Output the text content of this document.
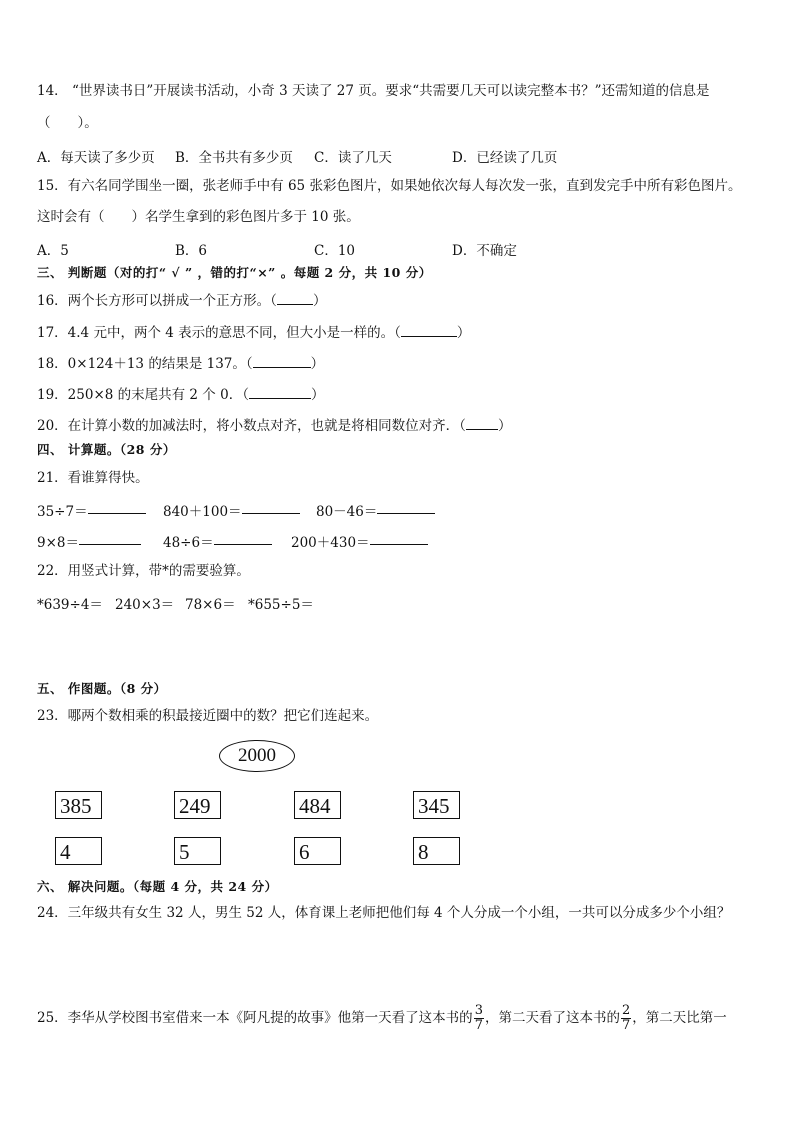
14． “世界读书日”开展读书活动，小奇 3 天读了 27 页。要求“共需要几天可以读完整本书？”还需知道的信息是
（　　）。
A．每天读了多少页 B．全书共有多少页 C．读了几天	D．已经读了几页
15．有六名同学围坐一圈，张老师手中有 65 张彩色图片，如果她依次每人每次发一张，直到发完手中所有彩色图片。
这时会有（　　）名学生拿到的彩色图片多于 10 张。
A．5	B．6	C．10	D．不确定
三、 判断题（对的打“ √ ” ，错的打“×” 。每题 2 分，共 10 分）
16．两个长方形可以拼成一个正方形。（	）
17．4.4 元中，两个 4 表示的意思不同，但大小是一样的。（	）
18．0×124＋13 的结果是 137。（	）
19．250×8 的末尾共有 2 个 0．（	）
20．在计算小数的加减法时，将小数点对齐，也就是将相同数位对齐．（ ）
四、 计算题。（28 分）
21．看谁算得快。
35÷7＝	840＋100＝	80－46＝
9×8＝	48÷6＝	200＋430＝
22．用竖式计算，带*的需要验算。
*639÷4＝ 240×3＝ 78×6＝ *655÷5＝
五、 作图题。（8 分）
23．哪两个数相乘的积最接近圈中的数？把它们连起来。
2000
385	249	484	345
4	5	6	8
六、 解决问题。（每题 4 分，共 24 分）
24．三年级共有女生 32 人，男生 52 人，体育课上老师把他们每 4 个人分成一个小组，一共可以分成多少个小组？
25．李华从学校图书室借来一本《阿凡提的故事》他第一天看了这本书的 $\frac{3}{7}$ ，第二天看了这本书的 $\frac{2}{7}$ ，第二天比第一
